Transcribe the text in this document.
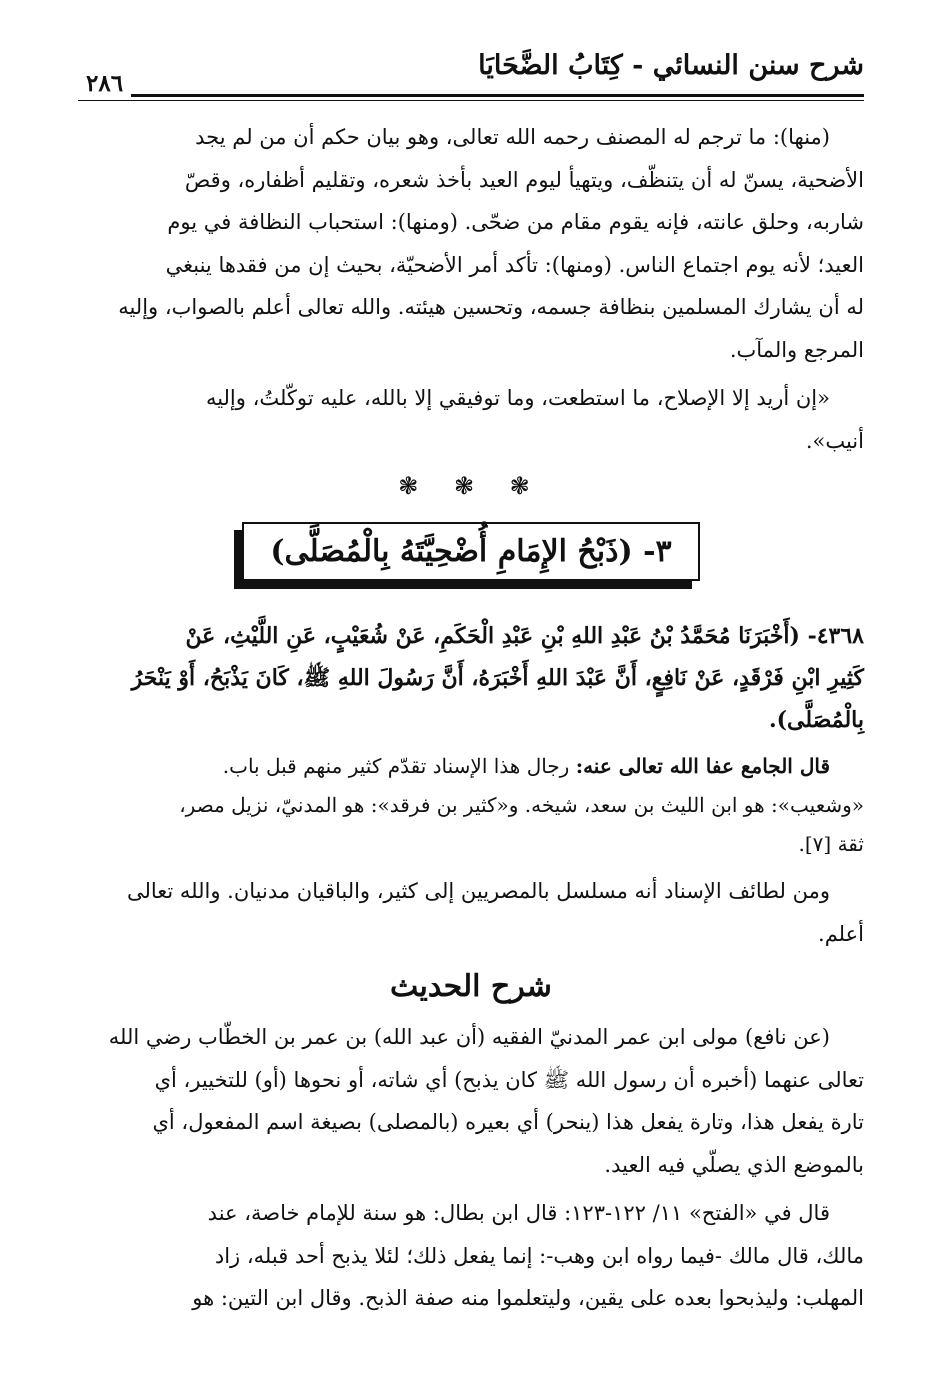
شرح سنن النسائي - كِتَابُ الضَّحَايَا
٢٨٦
(منها): ما ترجم له المصنف رحمه الله تعالى، وهو بيان حكم أن من لم يجد
الأضحية، يسنّ له أن يتنظّف، ويتهيأ ليوم العيد بأخذ شعره، وتقليم أظفاره، وقصّ
شاربه، وحلق عانته، فإنه يقوم مقام من ضحّى. (ومنها): استحباب النظافة في يوم
العيد؛ لأنه يوم اجتماع الناس. (ومنها): تأكد أمر الأضحيّة، بحيث إن من فقدها ينبغي
له أن يشارك المسلمين بنظافة جسمه، وتحسين هيئته. والله تعالى أعلم بالصواب، وإليه
المرجع والمآب.
«إن أريد إلا الإصلاح، ما استطعت، وما توفيقي إلا بالله، عليه توكّلتُ، وإليه
أنيب».
❃ ❃ ❃
٣- (ذَبْحُ الإِمَامِ أُضْحِيَّتَهُ بِالْمُصَلَّى)
٤٣٦٨- (أَخْبَرَنَا مُحَمَّدُ بْنُ عَبْدِ اللهِ بْنِ عَبْدِ الْحَكَمِ، عَنْ شُعَيْبٍ، عَنِ اللَّيْثِ، عَنْ
كَثِيرِ ابْنِ فَرْقَدٍ، عَنْ نَافِعٍ، أَنَّ عَبْدَ اللهِ أَخْبَرَهُ، أَنَّ رَسُولَ اللهِ ﷺ، كَانَ يَذْبَحُ، أَوْ يَنْحَرُ
بِالْمُصَلَّى).
قال الجامع عفا الله تعالى عنه: رجال هذا الإسناد تقدّم كثير منهم قبل باب.
«وشعيب»: هو ابن الليث بن سعد، شيخه. و«كثير بن فرقد»: هو المدنيّ، نزيل مصر،
ثقة [٧].
ومن لطائف الإسناد أنه مسلسل بالمصريين إلى كثير، والباقيان مدنيان. والله تعالى
أعلم.
شرح الحديث
(عن نافع) مولى ابن عمر المدنيّ الفقيه (أن عبد الله) بن عمر بن الخطّاب رضي الله
تعالى عنهما (أخبره أن رسول الله ﷺ كان يذبح) أي شاته، أو نحوها (أو) للتخيير، أي
تارة يفعل هذا، وتارة يفعل هذا (ينحر) أي بعيره (بالمصلى) بصيغة اسم المفعول، أي
بالموضع الذي يصلّي فيه العيد.
قال في «الفتح» ١١/ ١٢٢-١٢٣: قال ابن بطال: هو سنة للإمام خاصة، عند
مالك، قال مالك -فيما رواه ابن وهب-: إنما يفعل ذلك؛ لئلا يذبح أحد قبله، زاد
المهلب: وليذبحوا بعده على يقين، وليتعلموا منه صفة الذبح. وقال ابن التين: هو
